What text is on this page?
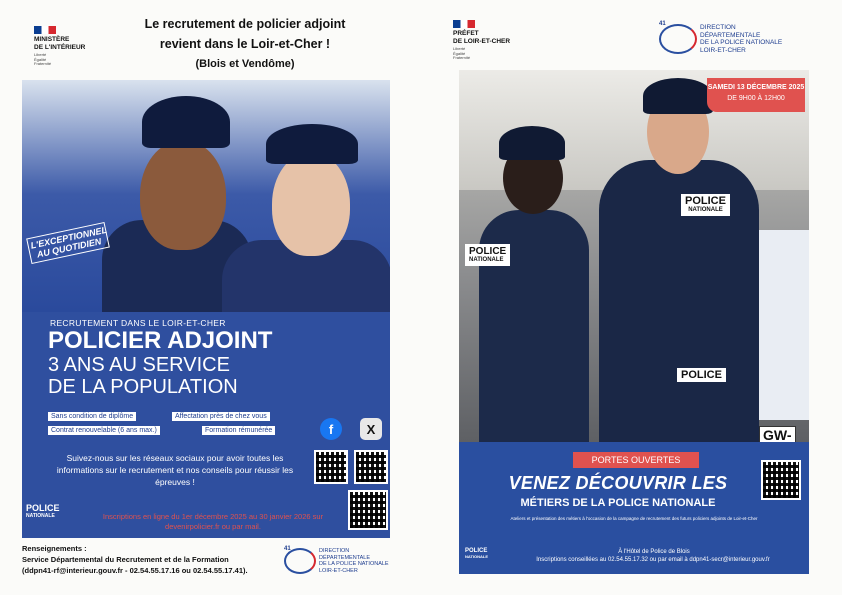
MINISTÈRE
DE L'INTÉRIEUR
Liberté
Égalité
Fraternité
Le recrutement de policier adjoint
revient dans le Loir-et-Cher !
(Blois et Vendôme)
L'EXCEPTIONNEL AU QUOTIDIEN
RECRUTEMENT DANS LE LOIR-ET-CHER
POLICIER ADJOINT
3 ANS AU SERVICE
DE LA POPULATION
Sans condition de diplôme	Affectation près de chez vous
Contrat renouvelable (6 ans max.)	Formation rémunérée	f	X
Suivez-nous sur les réseaux sociaux pour avoir toutes les informations sur le recrutement et nos conseils pour réussir les épreuves !
POLICE
NATIONALE	Inscriptions en ligne du 1er décembre 2025 au 30 janvier 2026 sur devenirpolicier.fr ou par mail.
Renseignements :
Service Départemental du Recrutement et de la Formation
(ddpn41-rf@interieur.gouv.fr - 02.54.55.17.16 ou 02.54.55.17.41).
41	DIRECTION
DÉPARTEMENTALE
DE LA POLICE NATIONALE
LOIR-ET-CHER
PRÉFET
DE LOIR-ET-CHER
Liberté
Égalité
Fraternité
41	DIRECTION
DÉPARTEMENTALE
DE LA POLICE NATIONALE
LOIR-ET-CHER
GW-
POLICE
NATIONALE
POLICE
NATIONALE
POLICE
SAMEDI 13 DÉCEMBRE 2025
DE 9H00 À 12H00
PORTES OUVERTES
VENEZ DÉCOUVRIR LES
MÉTIERS DE LA POLICE NATIONALE
Ateliers et présentation des métiers à l'occasion de la campagne de recrutement des futurs policiers adjoints de Loir-et-Cher
POLICE
NATIONALE
À l'Hôtel de Police de Blois
Inscriptions conseillées au 02.54.55.17.32 ou par email à ddpn41-secr@interieur.gouv.fr
